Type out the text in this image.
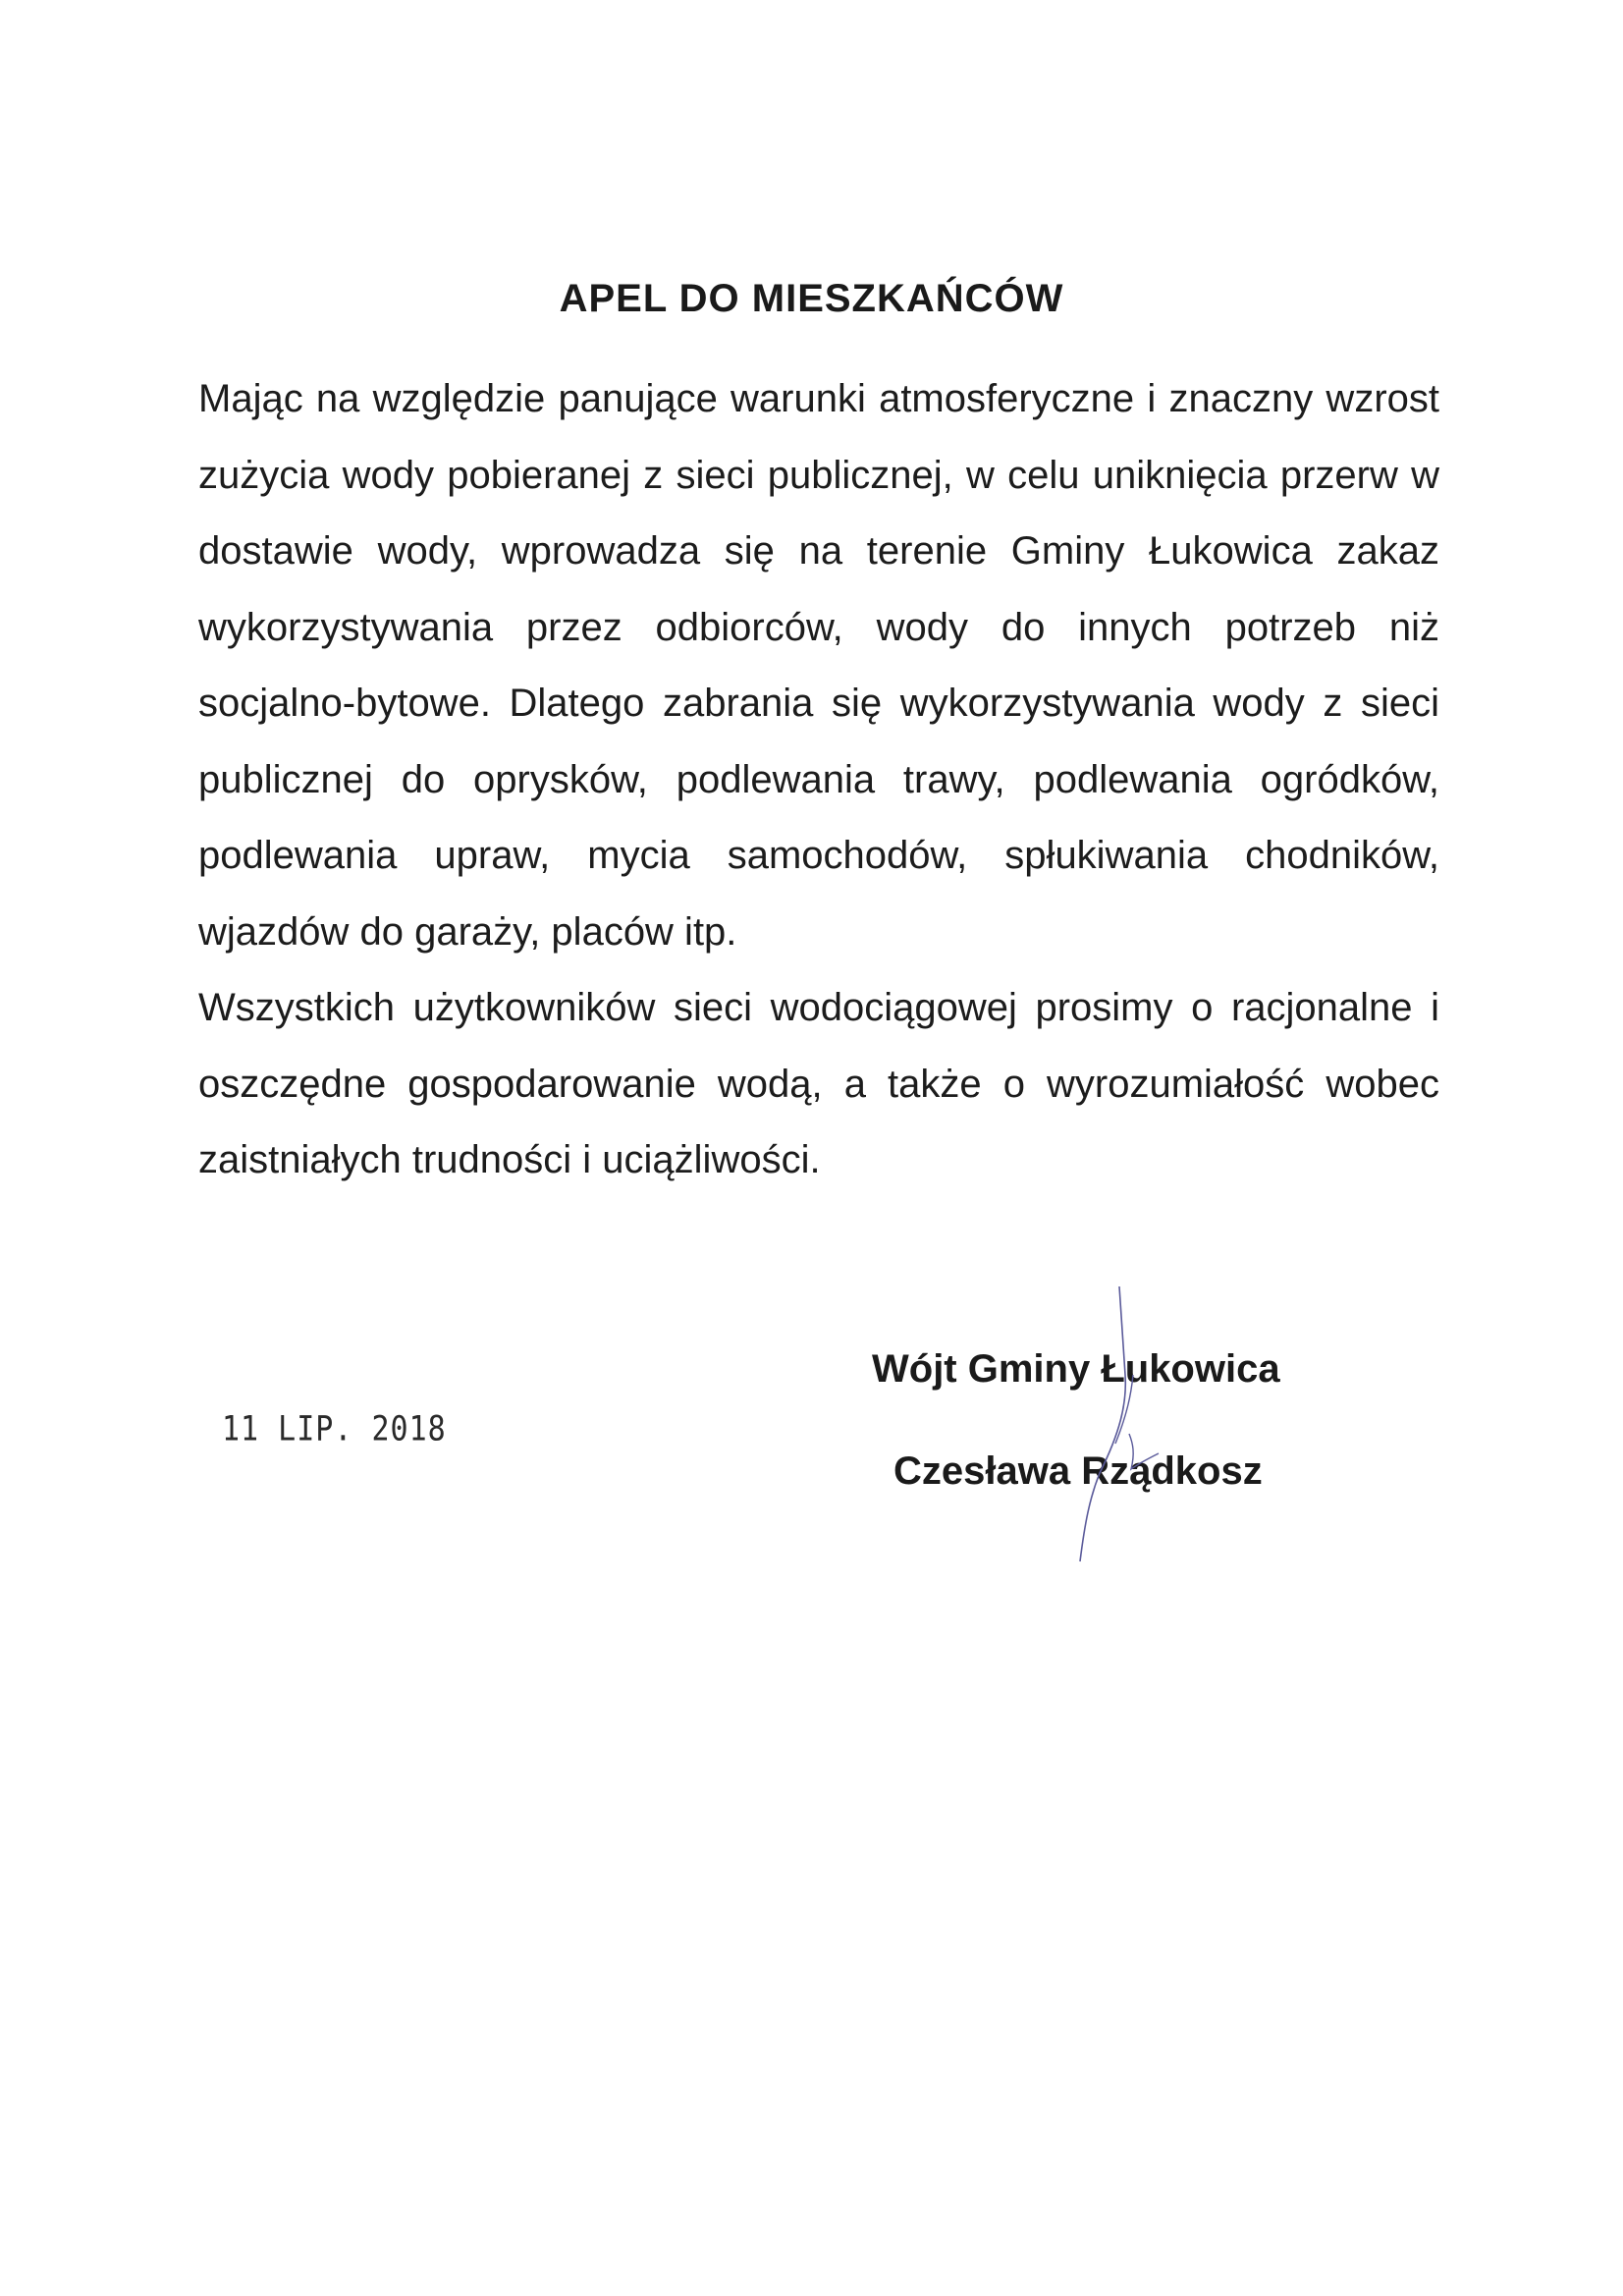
APEL DO MIESZKAŃCÓW

Mając na względzie panujące warunki atmosferyczne i znaczny wzrost zużycia wody pobieranej z sieci publicznej, w celu uniknięcia przerw w dostawie wody, wprowadza się na terenie Gminy Łukowica zakaz wykorzystywania przez odbiorców, wody do innych potrzeb niż socjalno-bytowe. Dlatego zabrania się wykorzystywania wody z sieci publicznej do oprysków, podlewania trawy, podlewania ogródków, podlewania upraw, mycia samochodów, spłukiwania chodników, wjazdów do garaży, placów itp.

Wszystkich użytkowników sieci wodociągowej prosimy o racjonalne i oszczędne gospodarowanie wodą, a także o wyrozumiałość wobec zaistniałych trudności i uciążliwości.

11 LIP. 2018
Wójt Gminy Łukowica
Czesława Rządkosz
